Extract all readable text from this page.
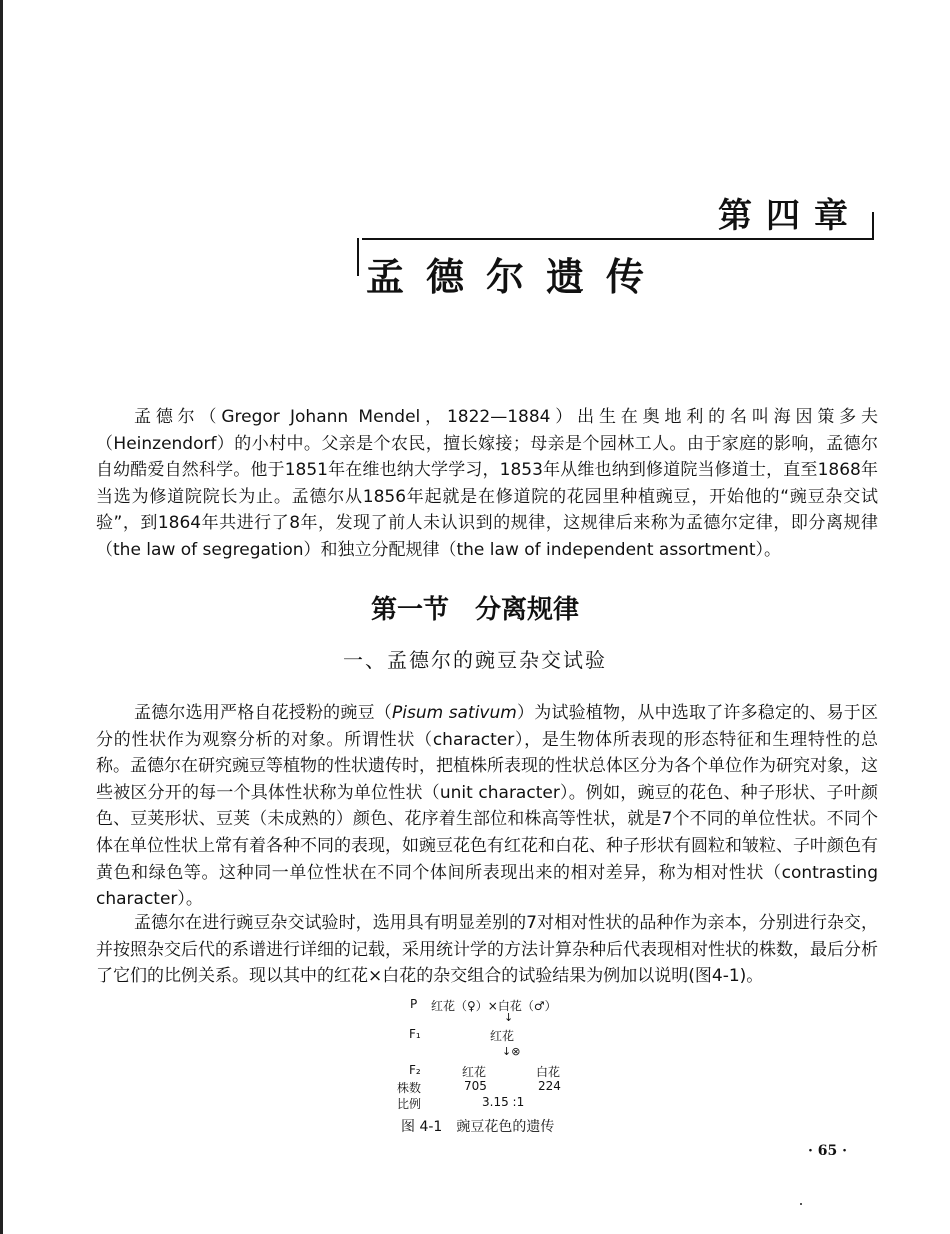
第四章
孟德尔遗传

孟德尔（Gregor Johann Mendel，1822—1884）出生在奥地利的名叫海因策多夫（Heinzendorf）的小村中。父亲是个农民，擅长嫁接；母亲是个园林工人。由于家庭的影响，孟德尔自幼酷爱自然科学。他于1851年在维也纳大学学习，1853年从维也纳到修道院当修道士，直至1868年当选为修道院院长为止。孟德尔从1856年起就是在修道院的花园里种植豌豆，开始他的“豌豆杂交试验”，到1864年共进行了8年，发现了前人未认识到的规律，这规律后来称为孟德尔定律，即分离规律（the law of segregation）和独立分配规律（the law of independent assortment）。

第一节　分离规律
一、孟德尔的豌豆杂交试验

孟德尔选用严格自花授粉的豌豆（Pisum sativum）为试验植物，从中选取了许多稳定的、易于区分的性状作为观察分析的对象。所谓性状（character），是生物体所表现的形态特征和生理特性的总称。孟德尔在研究豌豆等植物的性状遗传时，把植株所表现的性状总体区分为各个单位作为研究对象，这些被区分开的每一个具体性状称为单位性状（unit character）。例如，豌豆的花色、种子形状、子叶颜色、豆荚形状、豆荚（未成熟的）颜色、花序着生部位和株高等性状，就是7个不同的单位性状。不同个体在单位性状上常有着各种不同的表现，如豌豆花色有红花和白花、种子形状有圆粒和皱粒、子叶颜色有黄色和绿色等。这种同一单位性状在不同个体间所表现出来的相对差异，称为相对性状（contrasting character）。

孟德尔在进行豌豆杂交试验时，选用具有明显差别的7对相对性状的品种作为亲本，分别进行杂交，并按照杂交后代的系谱进行详细的记载，采用统计学的方法计算杂种后代表现相对性状的株数，最后分析了它们的比例关系。现以其中的红花×白花的杂交组合的试验结果为例加以说明(图4-1)。

P 红花（♀）×白花（♂）
↓
F₁	红花
↓⊗
F₂	红花	白花
株数	705	224
比例	3.15 :1
图 4-1　豌豆花色的遗传
· 65 ·
